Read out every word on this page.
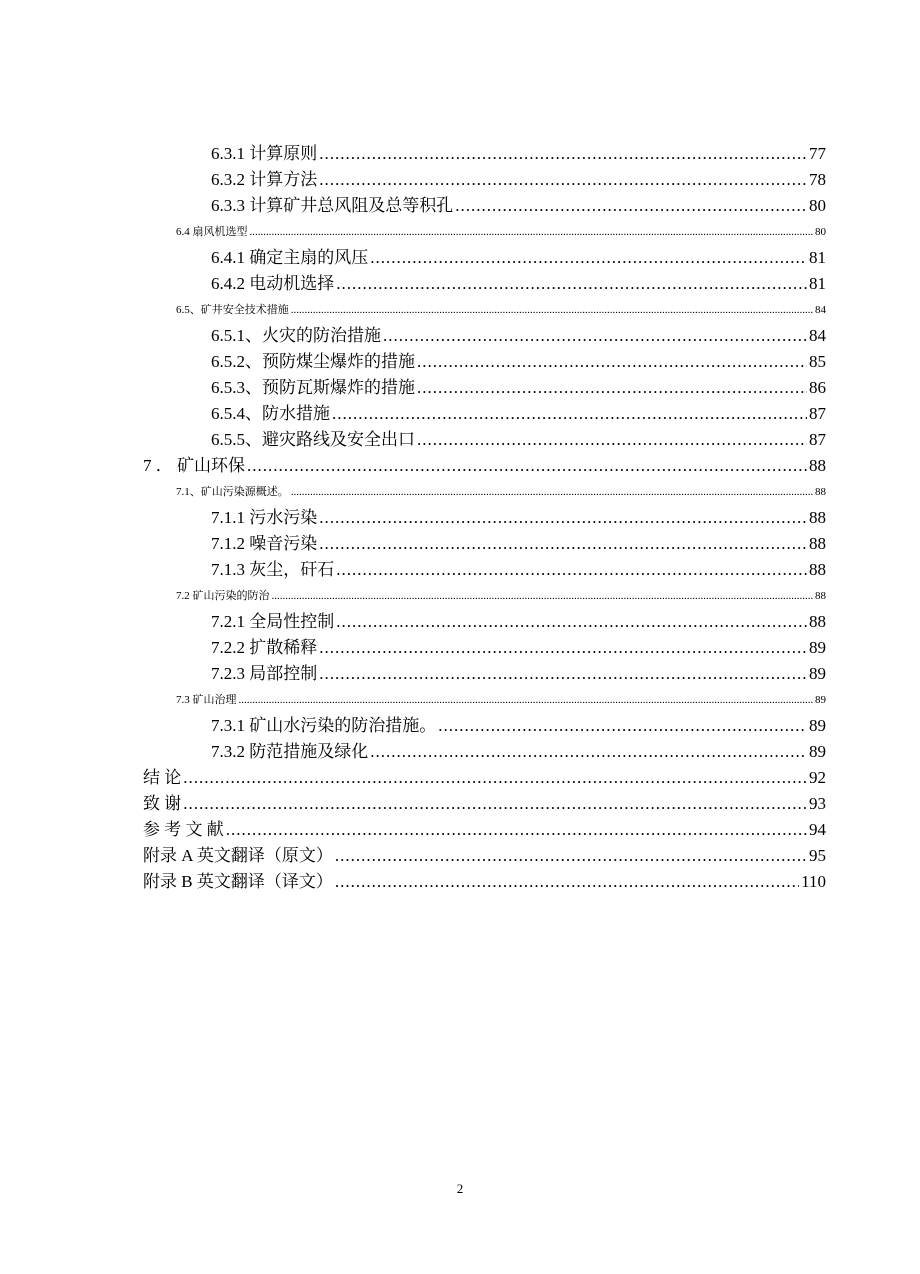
6.3.1 计算原则 .....	77
6.3.2 计算方法 .....	78
6.3.3 计算矿井总风阻及总等积孔 .....	80
6.4 扇风机选型 .....	80
6.4.1 确定主扇的风压 .....	81
6.4.2 电动机选择 .....	81
6.5、矿井安全技术措施 .....	84
6.5.1、火灾的防治措施 .....	84
6.5.2、预防煤尘爆炸的措施 .....	85
6.5.3、预防瓦斯爆炸的措施 .....	86
6.5.4、防水措施 .....	87
6.5.5、避灾路线及安全出口 .....	87
7 ． 矿山环保 .....	88
7.1、矿山污染源概述。 .....	88
7.1.1 污水污染 .....	88
7.1.2 噪音污染 .....	88
7.1.3 灰尘，矸石 .....	88
7.2 矿山污染的防治 .....	88
7.2.1 全局性控制 .....	88
7.2.2 扩散稀释 .....	89
7.2.3 局部控制 .....	89
7.3 矿山治理 .....	89
7.3.1 矿山水污染的防治措施。 .....	89
7.3.2 防范措施及绿化 .....	89
结 论 .....	92
致 谢 .....	93
参 考 文 献 .....	94
附录 A 英文翻译（原文） .....	95
附录 B 英文翻译（译文） .....	110
2
